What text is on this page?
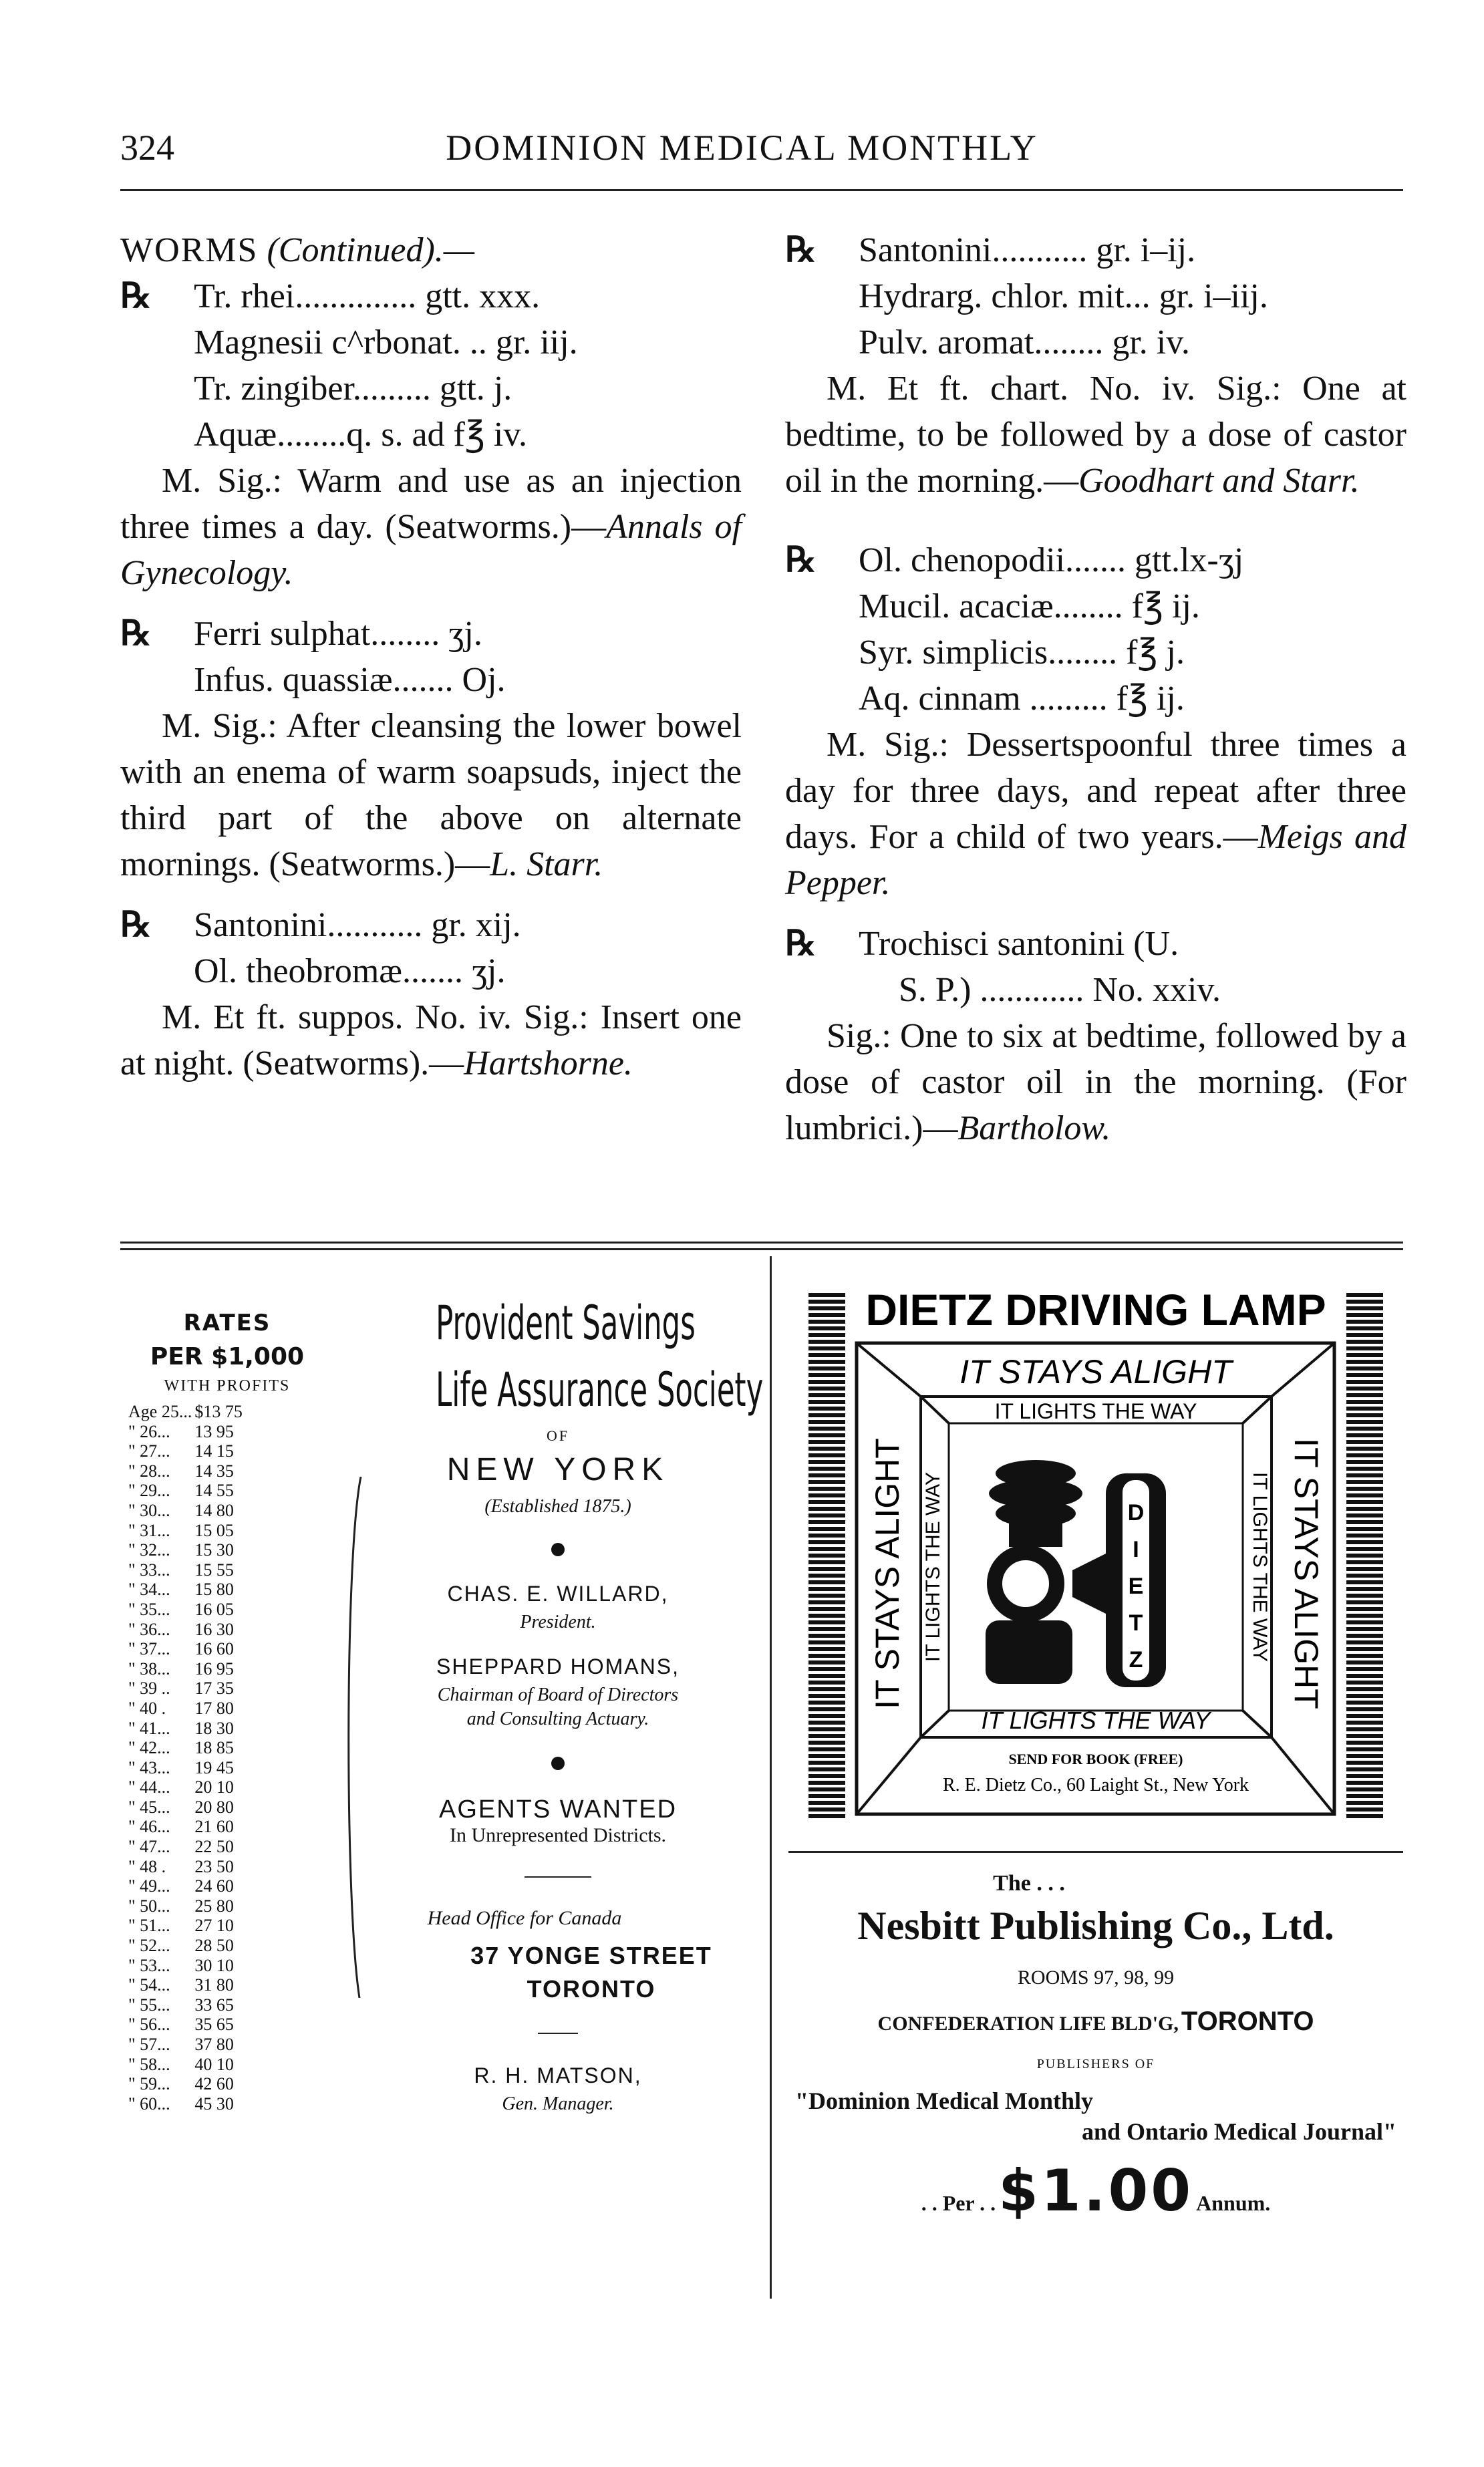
324	DOMINION MEDICAL MONTHLY

WORMS (Continued).—

℞	Tr. rhei.............. gtt. xxx.
Magnesii c^rbonat. .. gr. iij.
Tr. zingiber......... gtt. j.
Aquæ........q. s. ad f℥ iv.

M. Sig.: Warm and use as an injection three times a day. (Seatworms.)—Annals of Gynecology.

℞	Ferri sulphat........ ʒj.
Infus. quassiæ....... Oj.

M. Sig.: After cleansing the lower bowel with an enema of warm soapsuds, inject the third part of the above on alternate mornings. (Seatworms.)—L. Starr.

℞	Santonini........... gr. xij.
Ol. theobromæ....... ʒj.

M. Et ft. suppos. No. iv. Sig.: Insert one at night. (Seatworms).—Hartshorne.

℞	Santonini........... gr. i–ij.
Hydrarg. chlor. mit... gr. i–iij.
Pulv. aromat........ gr. iv.

M. Et ft. chart. No. iv. Sig.: One at bedtime, to be followed by a dose of castor oil in the morning.—Goodhart and Starr.

℞	Ol. chenopodii....... gtt.lx-ʒj
Mucil. acaciæ........ f℥ ij.
Syr. simplicis........ f℥ j.
Aq. cinnam ......... f℥ ij.

M. Sig.: Dessertspoonful three times a day for three days, and repeat after three days. For a child of two years.—Meigs and Pepper.

℞	Trochisci santonini (U.
S. P.) ............ No. xxiv.

Sig.: One to six at bedtime, followed by a dose of castor oil in the morning. (For lumbrici.)—Bartholow.

RATES
PER $1,000
WITH PROFITS
Age 25...	$13 75
" 26...	13 95
" 27...	14 15
" 28...	14 35
" 29...	14 55
" 30...	14 80
" 31...	15 05
" 32...	15 30
" 33...	15 55
" 34...	15 80
" 35...	16 05
" 36...	16 30
" 37...	16 60
" 38...	16 95
" 39 ..	17 35
" 40 .	17 80
" 41...	18 30
" 42...	18 85
" 43...	19 45
" 44...	20 10
" 45...	20 80
" 46...	21 60
" 47...	22 50
" 48 .	23 50
" 49...	24 60
" 50...	25 80
" 51...	27 10
" 52...	28 50
" 53...	30 10
" 54...	31 80
" 55...	33 65
" 56...	35 65
" 57...	37 80
" 58...	40 10
" 59...	42 60
" 60...	45 30
Provident Savings
Life Assurance Society
OF
NEW YORK
(Established 1875.)
CHAS. E. WILLARD,
President.
SHEPPARD HOMANS,
Chairman of Board of Directors
and Consulting Actuary.
AGENTS WANTED
In Unrepresented Districts.
Head Office for Canada
37 YONGE STREET
TORONTO
R. H. MATSON,
Gen. Manager.
DIETZ DRIVING LAMP
IT STAYS ALIGHT
IT LIGHTS THE WAY
IT LIGHTS THE WAY
IT STAYS ALIGHT IT LIGHTS THE WAY	IT STAYS ALIGHT
IT LIGHTS THE WAY
D
I
E
T
Z
SEND FOR BOOK (FREE)
R. E. Dietz Co., 60 Laight St., New York
The . . .
Nesbitt Publishing Co., Ltd.
ROOMS 97, 98, 99
CONFEDERATION LIFE BLD'G, TORONTO
PUBLISHERS OF
"Dominion Medical Monthly
and Ontario Medical Journal"
. . Per . . $1.00 Annum.
